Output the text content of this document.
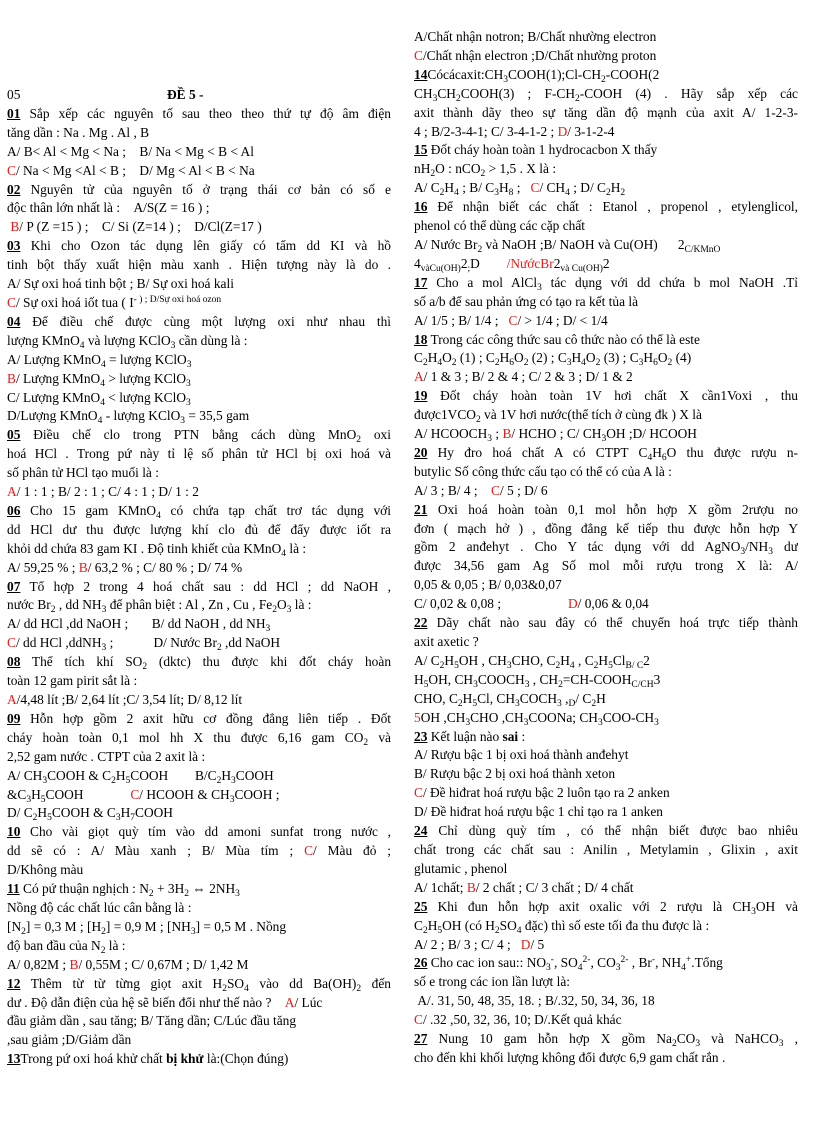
05	ĐỀ 5 -
01 Sắp xếp các nguyên tố sau theo theo thứ tự độ âm điện
tăng dần : Na . Mg . Al , B
A/ B< Al < Mg < Na ; B/ Na < Mg < B < Al
C/ Na < Mg <Al < B ; D/ Mg < Al < B < Na
02 Nguyên tử của nguyên tố ở trạng thái cơ bản có số e
độc thân lớn nhất là : A/S(Z = 16 ) ;
B/ P (Z =15 ) ; C/ Si (Z=14 ) ; D/Cl(Z=17 )
03 Khi cho Ozon tác dụng lên giấy có tẩm dd KI và hồ
tinh bột thấy xuất hiện màu xanh . Hiện tượng này là do .
A/ Sự oxi hoá tinh bột ; B/ Sự oxi hoá kali
C/ Sự oxi hoá iốt tua ( $I^{- ) ; D/Sự oxi hoá ozon}$
04 Để điều chế được cùng một lượng oxi như nhau thì
lượng KMnO$_4$ và lượng KClO$_3$ cần dùng là :
A/ Lượng KMnO$_4$ = lượng KClO$_3$
B/ Lượng KMnO$_4$ > lượng KClO$_3$
C/ Lượng KMnO$_4$ < lượng KClO$_3$
D/Lượng KMnO$_4$ - lượng KClO$_3$ = 35,5 gam
05 Điều chế clo trong PTN bằng cách dùng MnO$_2$ oxi
hoá HCl . Trong pứ này tỉ lệ số phân tử HCl bị oxi hoá và
số phân tử HCl tạo muối là :
A/ 1 : 1 ; B/ 2 : 1 ; C/ 4 : 1 ; D/ 1 : 2
06 Cho 15 gam KMnO$_4$ có chứa tạp chất trơ tác dụng với
dd HCl dư thu được lượng khí clo đủ để đẩy được iốt ra
khỏi dd chứa 83 gam KI . Độ tinh khiết của KMnO$_4$ là :
A/ 59,25 % ; B/ 63,2 % ; C/ 80 % ; D/ 74 %
07 Tổ hợp 2 trong 4 hoá chất sau : dd HCl ; dd NaOH ,
nước $Br_2$ , dd $NH_3$ để phân biệt : Al , Zn , Cu , $Fe_2O_3$ là :
A/ dd HCl ,dd NaOH ; B/ dd NaOH , dd $NH_3$
C/ dd HCl ,ddNH$_3$ ;	D/ Nước $Br_2$ ,dd NaOH
08 Thể tích khí $SO_2$ (dktc) thu được khi đốt cháy hoàn
toàn 12 gam pirit sắt là :
A/4,48 lít ;B/ 2,64 lít ;C/ 3,54 lít; D/ 8,12 lít
09 Hỗn hợp gồm 2 axit hữu cơ đồng đẳng liên tiếp . Đốt
cháy hoàn toàn 0,1 mol hh X thu được 6,16 gam $CO_2$ và
2,52 gam nước . CTPT của 2 axit là :
A/ $CH_3COOH$ & $C_2H_5COOH$ $B/C_2H_3COOH$
$\&C_3H_5COOH$	C/ HCOOH & $CH_3COOH$ ;
D/ $C_2H_5COOH$ & $C_3H_7COOH$
10 Cho vài giọt quỳ tím vào dd amoni sunfat trong nước ,
dd sẽ có : A/ Màu xanh ; B/ Mùa tím ; C/ Màu đỏ ;
D/Không màu
11 Có pứ thuận nghịch : $N_2 + 3H_2$ ⇔ $2NH_3$
Nồng độ các chất lúc cân bằng là :
$[N_2] = 0,3$ M ; $[H_2] = 0,9$ M ; $[NH_3] = 0,5$ M . Nồng
độ ban đầu của $N_2$ là :
A/ 0,82M ; B/ 0,55M ; C/ 0,67M ; D/ 1,42 M
12 Thêm từ từ từng giọt axit $H_2SO_4$ vào dd $Ba(OH)_2$ đến
dư . Độ dẫn điện của hệ sẽ biến đổi như thế nào ? A/ Lúc
đầu giảm dần , sau tăng; B/ Tăng dần; C/Lúc đầu tăng
,sau giảm ;D/Giảm dần
13Trong pứ oxi hoá khử chất bị khử là:(Chọn đúng)
A/Chất nhận notron; B/Chất nhường electron
C/Chất nhận electron ;D/Chất nhường proton
$14Cócácaxit:CH_3COOH(1);Cl-CH_2-COOH(2$
$CH_3CH_2COOH(3)$ ; $F-CH_2$-COOH (4) . Hãy sắp xếp các
axit thành dãy theo sự tăng dần độ mạnh của axit A/ 1-2-3-
4 ; B/2-3-4-1; C/ 3-4-1-2 ; D/ 3-1-2-4
15 Đốt cháy hoàn toàn 1 hydrocacbon X thấy
$nH_2O$ : nCO$_2$ > 1,5 . X là :
A/ $C_2H_4$ ; B/ $C_3H_8$ ; C/ $CH_4$ ; D/ $C_2H_2$
16 Để nhận biết các chất : Etanol , propenol , etylenglicol,
phenol có thể dùng các cặp chất
A/ Nước $Br_2$ và NaOH ;B/ NaOH và Cu(OH) $2_{C/KMnO}$
$4_{vàCu(OH)}2_;D$ $/NướcBr2_{và Cu(OH)}2$
17 Cho a mol AlCl$_3$ tác dụng với dd chứa b mol NaOH .Tỉ
số a/b để sau phản ứng có tạo ra kết tủa là
A/ 1/5 ; B/ 1/4 ; C/ > 1/4 ; D/ < 1/4
18 Trong các công thức sau cô thức nào có thể là este
$C_2H_4O_2$ (1) ; $C_2H_6O_2$ (2) ; $C_3H_4O_2$ (3) ; $C_3H_6O_2$ (4)
A/ 1 & 3 ; B/ 2 & 4 ; C/ 2 & 3 ; D/ 1 & 2
19 Đốt cháy hoàn toàn 1V hơi chất X cần1Voxi , thu
$được1VCO_2$ và 1V hơi nước(thể tích ở cùng đk ) X là
A/ $HCOOCH_3$ ; B/ HCHO ; C/ $CH_3OH$ ;D/ HCOOH
20 Hy đro hoá chất A có CTPT $C_4H_6O$ thu được rượu n-
butylic Số công thức cấu tạo có thể có của A là :
A/ 3 ; B/ 4 ; C/ 5 ; D/ 6
21 Oxi hoá hoàn toàn 0,1 mol hỗn hợp X gồm 2rượu no
đơn ( mạch hở ) , đồng đẳng kế tiếp thu được hỗn hợp Y
gồm 2 anđehyt . Cho Y tác dụng với dd $AgNO_3/NH_3$ dư
được 34,56 gam Ag Số mol mỗi rượu trong X là: A/
0,05 & 0,05 ; B/ 0,03&0,07
C/ 0,02 & 0,08 ;	D/ 0,06 & 0,04
22 Dãy chất nào sau đây có thể chuyển hoá trực tiếp thành
axit axetic ?
A/ $C_2H_5OH$ , $CH_3CHO$, $C_2H_4$ , $C_2H_5Cl_{B/ C}2$
$H_5OH$, $CH_3COOCH_3$ , $CH_2=CH-COOH_{C/CH}3$
CHO, $C_2H_5Cl$, $CH_3COCH_3$ $,_D/$ $C_2H$
5OH $,CH_3CHO$ $,CH_3COONa$; $CH_3COO-CH_3$
23 Kết luận nào sai :
A/ Rượu bậc 1 bị oxi hoá thành anđehyt
B/ Rượu bậc 2 bị oxi hoá thành xeton
C/ Đề hiđrat hoá rượu bậc 2 luôn tạo ra 2 anken
D/ Đề hiđrat hoá rượu bậc 1 chỉ tạo ra 1 anken
24 Chỉ dùng quỳ tím , có thể nhận biết được bao nhiêu
chất trong các chất sau : Anilin , Metylamin , Glixin , axit
glutamic , phenol
A/ 1chất; B/ 2 chất ; C/ 3 chất ; D/ 4 chất
25 Khi đun hỗn hợp axit oxalic với 2 rượu là $CH_3OH$ và
$C_2H_5OH$ (có $H_2SO_4$ đặc) thì số este tối đa thu được là :
A/ 2 ; B/ 3 ; C/ 4 ; D/ 5
26 Cho cac ion sau:: $NO_3^-$, $SO_4^{2-}$, $CO_3^{2-}$ , Br-, $NH_4^+.Tổng$
số e trong các ion lần lượt là:
A/. 31, 50, 48, 35, 18. ; B/.32, 50, 34, 36, 18
C/ .32 ,50, 32, 36, 10; D/.Kết quả khác
27 Nung 10 gam hỗn hợp X gồm $Na_2CO_3$ và NaHCO$_3$ ,
cho đến khi khối lượng không đổi được 6,9 gam chất rắn .
